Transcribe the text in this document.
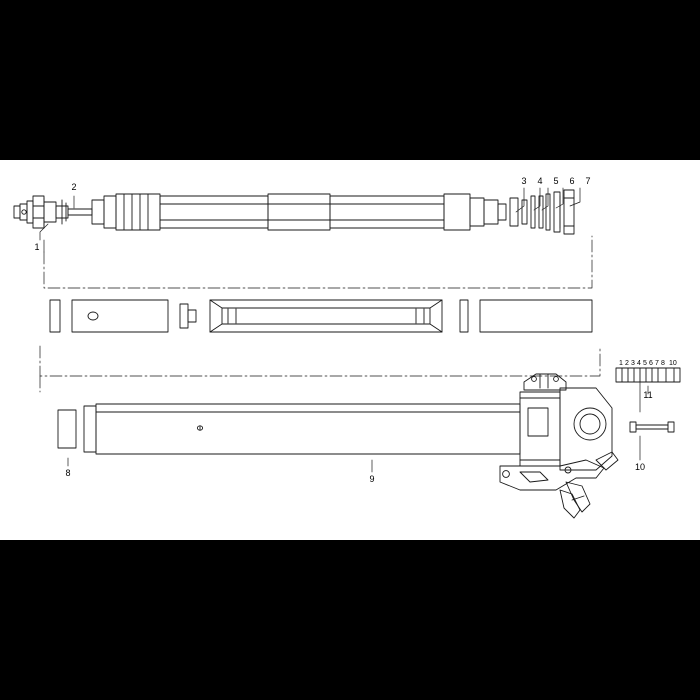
1
2
3 4 5 6 7
8
9
10
11
1 2 3 4 5 6 7 8 10
